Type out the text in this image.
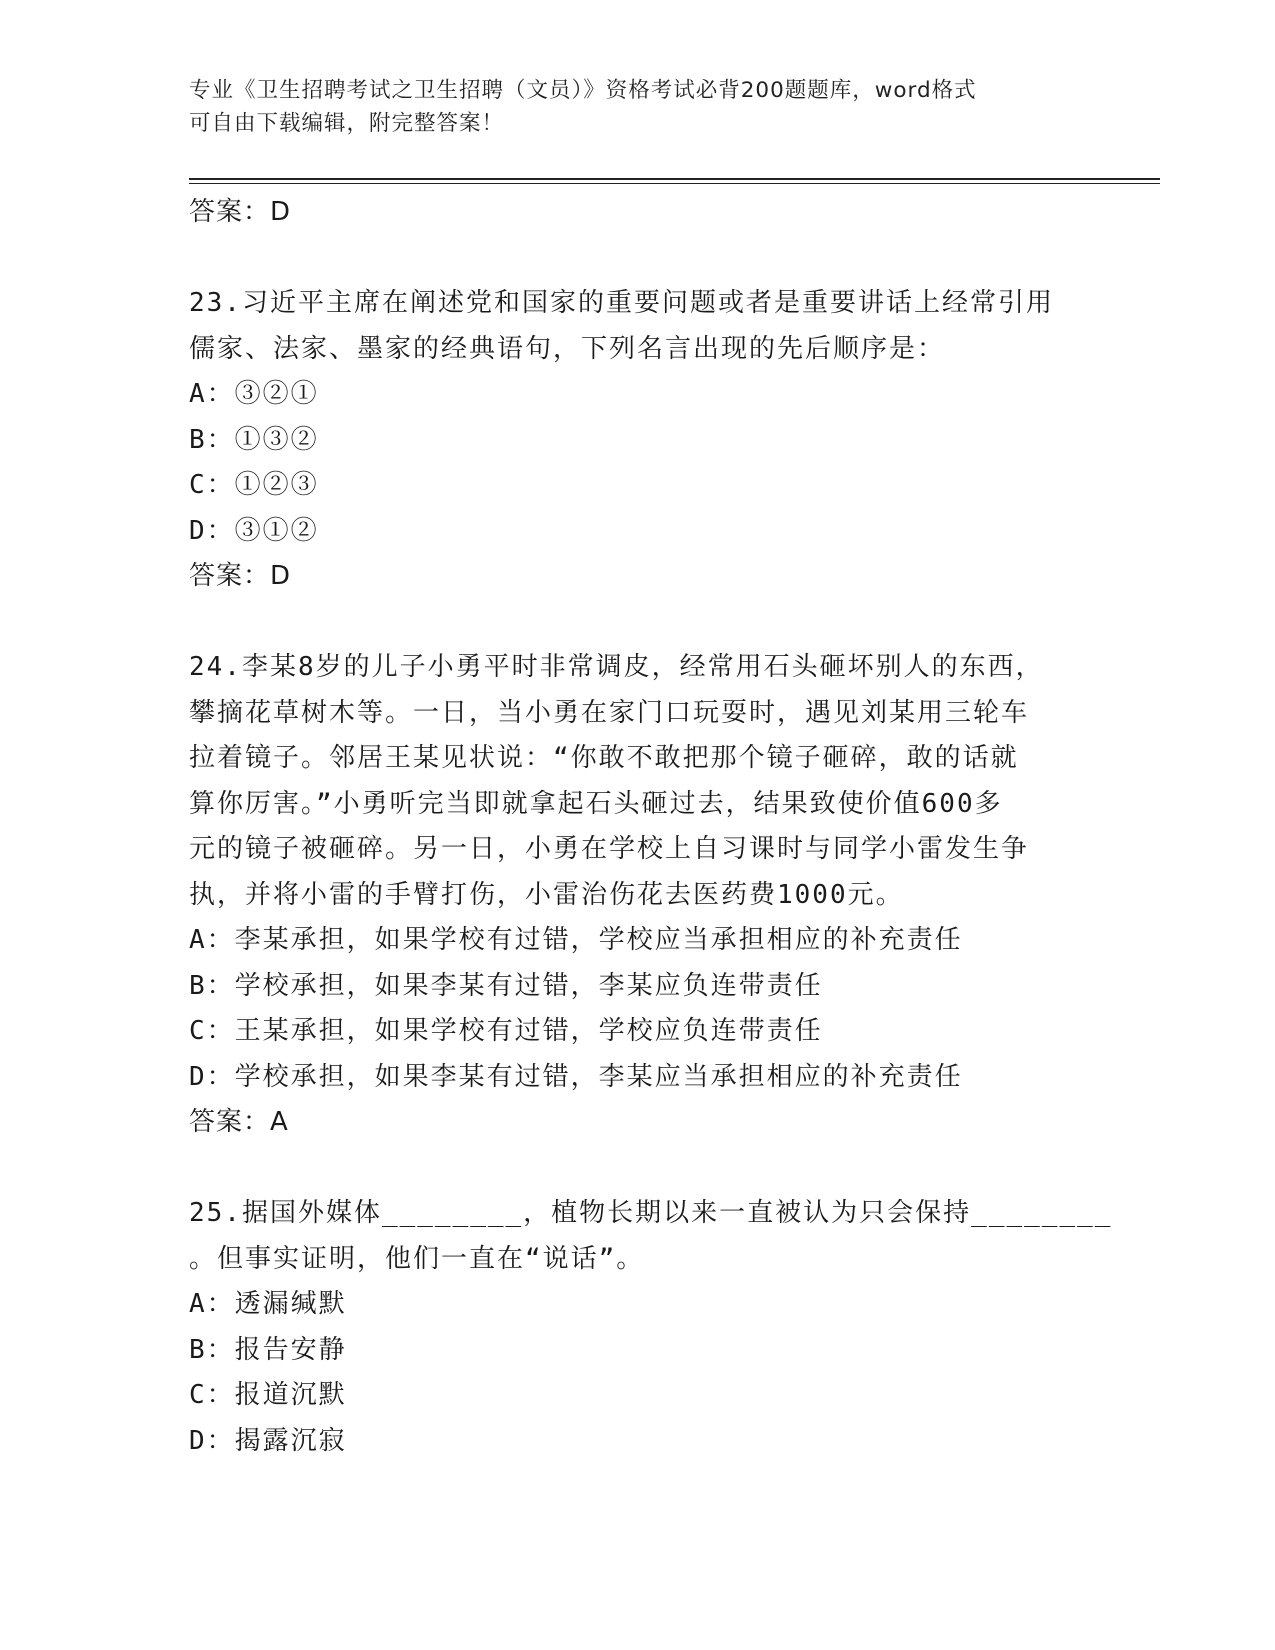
专业《卫生招聘考试之卫生招聘（文员）》资格考试必背200题题库，word格式
可自由下载编辑，附完整答案！
答案：D
23.习近平主席在阐述党和国家的重要问题或者是重要讲话上经常引用
儒家、法家、墨家的经典语句，下列名言出现的先后顺序是：
A：③②①
B：①③②
C：①②③
D：③①②
答案：D
24.李某8岁的儿子小勇平时非常调皮，经常用石头砸坏别人的东西，
攀摘花草树木等。一日，当小勇在家门口玩耍时，遇见刘某用三轮车
拉着镜子。邻居王某见状说：“你敢不敢把那个镜子砸碎，敢的话就
算你厉害。”小勇听完当即就拿起石头砸过去，结果致使价值600多
元的镜子被砸碎。另一日，小勇在学校上自习课时与同学小雷发生争
执，并将小雷的手臂打伤，小雷治伤花去医药费1000元。
A：李某承担，如果学校有过错，学校应当承担相应的补充责任
B：学校承担，如果李某有过错，李某应负连带责任
C：王某承担，如果学校有过错，学校应负连带责任
D：学校承担，如果李某有过错，李某应当承担相应的补充责任
答案：A
25.据国外媒体________，植物长期以来一直被认为只会保持________
。但事实证明，他们一直在“说话”。
A：透漏缄默
B：报告安静
C：报道沉默
D：揭露沉寂
